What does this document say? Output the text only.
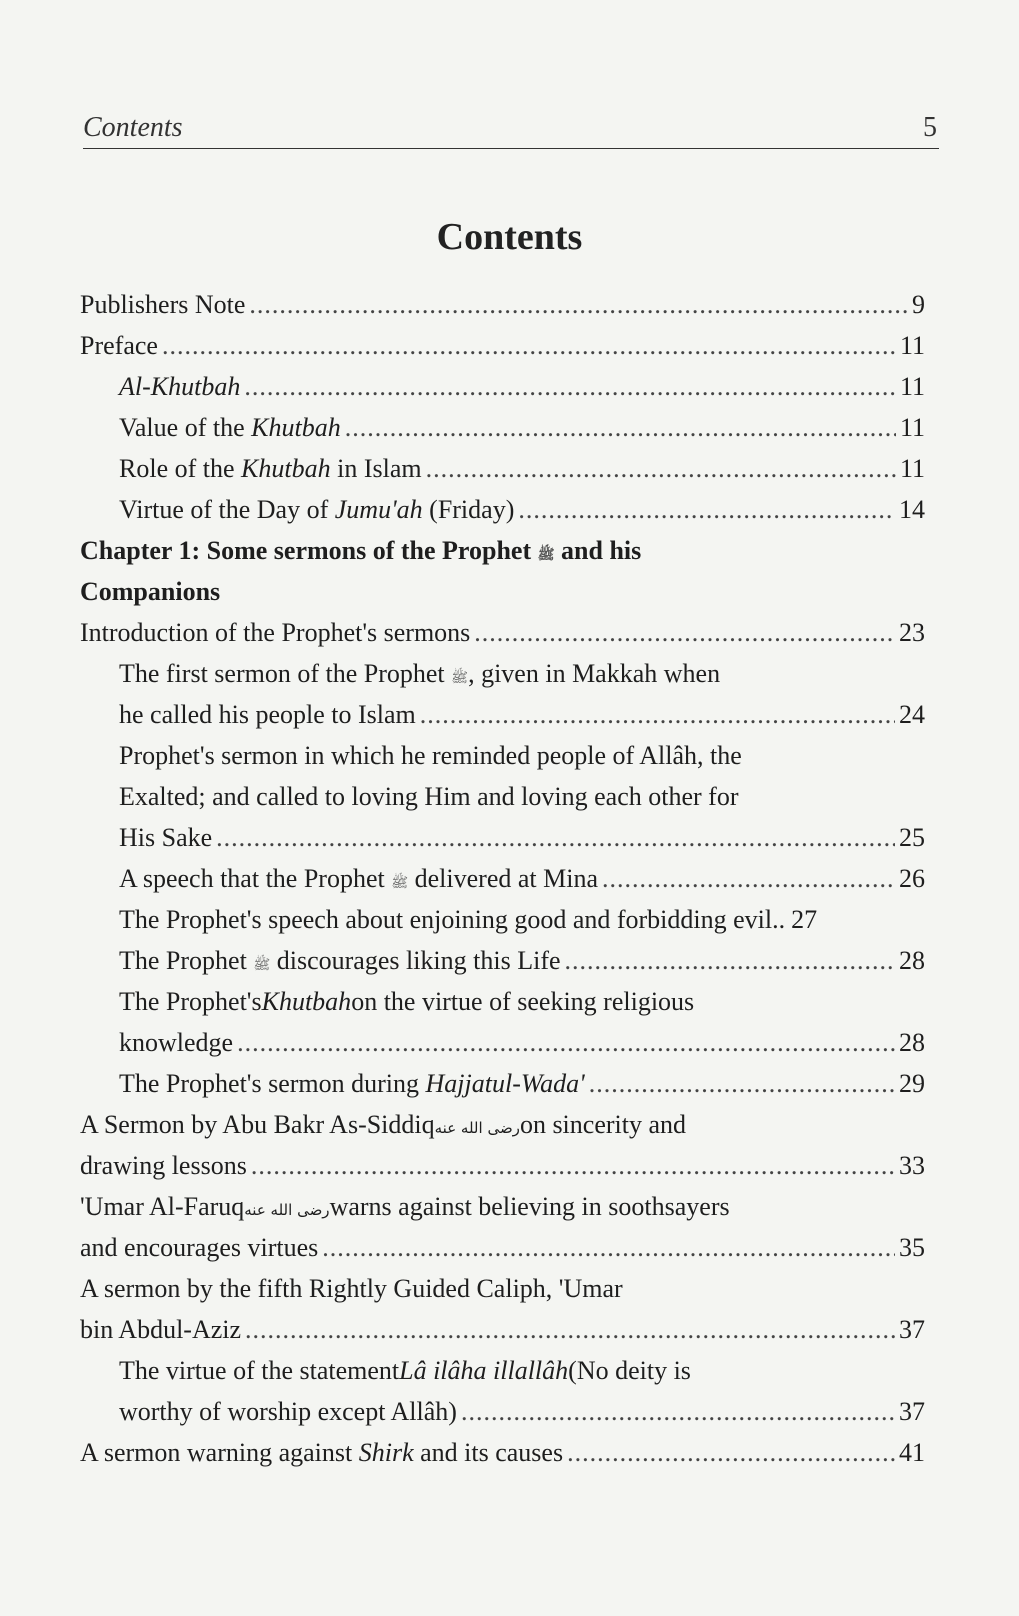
Contents	5
Contents
Publishers Note .....	9
Preface .....	11
Al-Khutbah .....	11
Value of the Khutbah .....	11
Role of the Khutbah in Islam .....	11
Virtue of the Day of Jumu'ah (Friday) .....	14
Chapter 1: Some sermons of the Prophet
ﷺ
and his
Companions
Introduction of the Prophet's sermons .....	23
The first sermon of the Prophet
ﷺ , given in Makkah when
he called his people to Islam .....	24
Prophet's sermon in which he reminded people of Allâh, the
Exalted; and called to loving Him and loving each other for
His Sake .....	25
A speech that the Prophet ﷺ delivered at Mina .....	26
The Prophet's speech about enjoining good and forbidding evil.. 27
The Prophet ﷺ discourages liking this Life .....	28
The Prophet's Khutbah on the virtue of seeking religious
knowledge .....	28
The Prophet's sermon during Hajjatul-Wada' .....	29
A Sermon by Abu Bakr As-Siddiq رضى الله عنه on sincerity and
drawing lessons .....	33
'Umar Al-Faruq رضى الله عنه warns against believing in soothsayers
and encourages virtues .....	35
A sermon by the fifth Rightly Guided Caliph, 'Umar
bin Abdul-Aziz .....	37
The virtue of the statement Lâ ilâha illallâh (No deity is
worthy of worship except Allâh) .....	37
A sermon warning against Shirk and its causes .....	41
